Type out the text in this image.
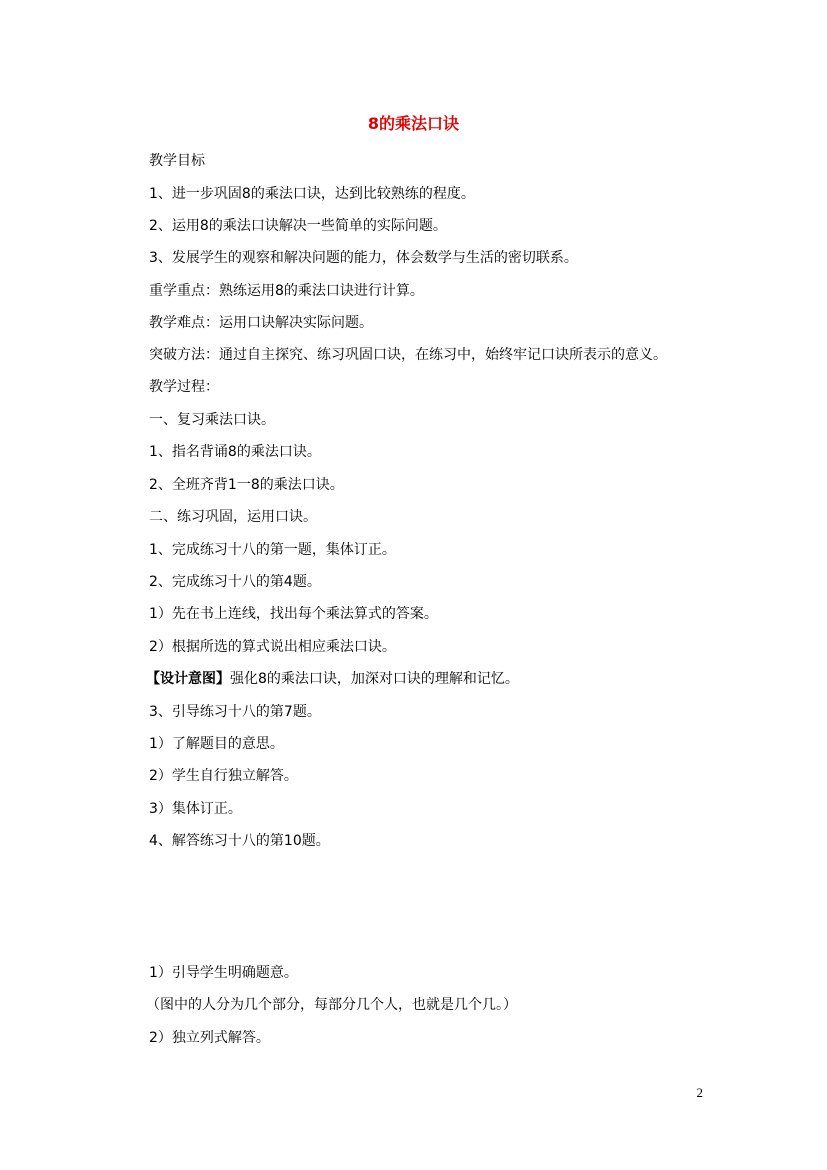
8的乘法口诀
教学目标
1、进一步巩固8的乘法口诀，达到比较熟练的程度。
2、运用8的乘法口诀解决一些简单的实际问题。
3、发展学生的观察和解决问题的能力，体会数学与生活的密切联系。
重学重点：熟练运用8的乘法口诀进行计算。
教学难点：运用口诀解决实际问题。
突破方法：通过自主探究、练习巩固口诀，在练习中，始终牢记口诀所表示的意义。
教学过程：
一、复习乘法口诀。
1、指名背诵8的乘法口诀。
2、全班齐背1一8的乘法口诀。
二、练习巩固，运用口诀。
1、完成练习十八的第一题，集体订正。
2、完成练习十八的第4题。
1）先在书上连线，找出每个乘法算式的答案。
2）根据所选的算式说出相应乘法口诀。
【设计意图】强化8的乘法口诀，加深对口诀的理解和记忆。
3、引导练习十八的第7题。
1）了解题目的意思。
2）学生自行独立解答。
3）集体订正。
4、解答练习十八的第10题。
1）引导学生明确题意。
（图中的人分为几个部分，每部分几个人，也就是几个几。）
2）独立列式解答。
2
